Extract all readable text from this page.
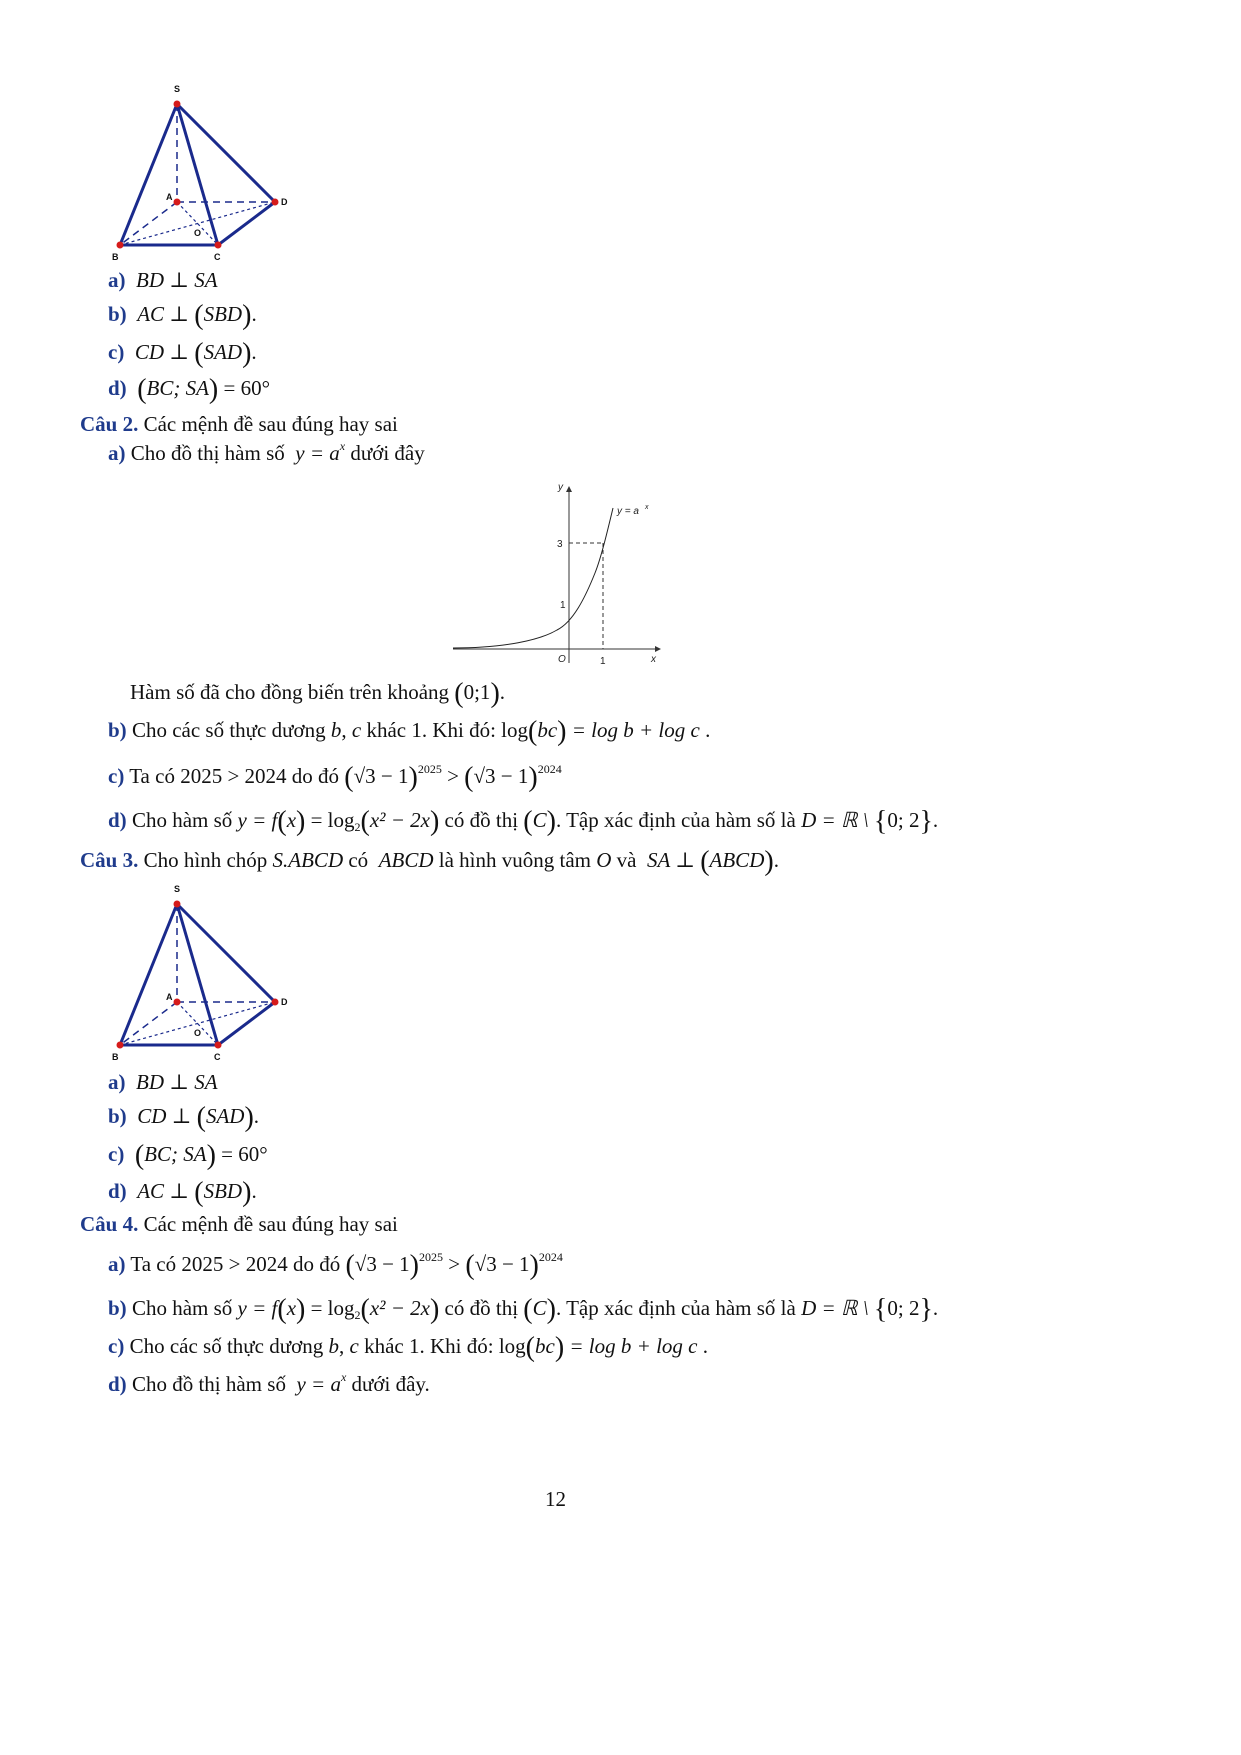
S
A
B	C
D
O
a) BD ⊥ SA
b) AC ⊥ (SBD).
c) CD ⊥ (SAD).
d) (BC; SA) = 60°
Câu 2. Các mệnh đề sau đúng hay sai
a) Cho đồ thị hàm số  $y = a^x$ dưới đây
y
x
O
1
3
1
y = a x
Hàm số đã cho đồng biến trên khoảng (0;1).
b) Cho các số thực dương b, c khác 1. Khi đó: log(bc) = log b + log c .
c) Ta có 2025 > 2024 do đó $(√3 - 1)^{2025} > (√3 - 1)^{2024}$
d) Cho hàm số $y = f(x) = \log_2(x^2 - 2x)$ có đồ thị (C). Tập xác định của hàm số là D = ℝ \ {0; 2}.
Câu 3. Cho hình chóp S.ABCD có  ABCD là hình vuông tâm O và  SA ⊥ (ABCD).
S
A
B	C
D
O
a) BD ⊥ SA
b) CD ⊥ (SAD).
c) (BC; SA) = 60°
d) AC ⊥ (SBD).
Câu 4. Các mệnh đề sau đúng hay sai
a) Ta có 2025 > 2024 do đó $(√3 - 1)^{2025} > (√3 - 1)^{2024}$
b) Cho hàm số $y = f(x) = \log_2(x^2 - 2x)$ có đồ thị (C). Tập xác định của hàm số là D = ℝ \ {0; 2}.
c) Cho các số thực dương b, c khác 1. Khi đó: log(bc) = log b + log c .
d) Cho đồ thị hàm số  $y = a^x$ dưới đây.
12
